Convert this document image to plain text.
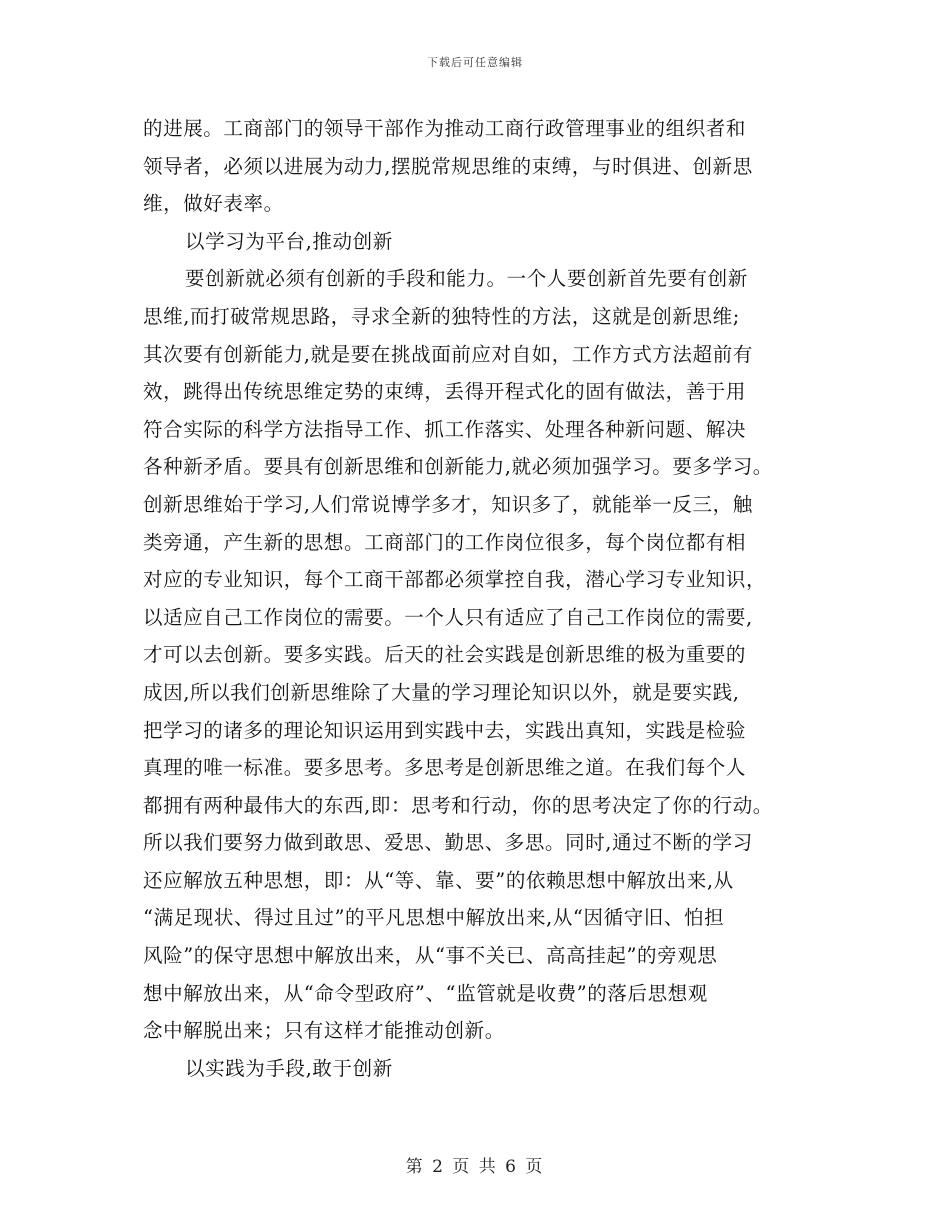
下载后可任意编辑
的进展。工商部门的领导干部作为推动工商行政管理事业的组织者和
领导者，必须以进展为动力,摆脱常规思维的束缚，与时俱进、创新思
维，做好表率。
以学习为平台,推动创新
要创新就必须有创新的手段和能力。一个人要创新首先要有创新
思维,而打破常规思路，寻求全新的独特性的方法，这就是创新思维;
其次要有创新能力,就是要在挑战面前应对自如，工作方式方法超前有
效，跳得出传统思维定势的束缚，丢得开程式化的固有做法，善于用
符合实际的科学方法指导工作、抓工作落实、处理各种新问题、解决
各种新矛盾。要具有创新思维和创新能力,就必须加强学习。要多学习。
创新思维始于学习,人们常说博学多才，知识多了，就能举一反三，触
类旁通，产生新的思想。工商部门的工作岗位很多，每个岗位都有相
对应的专业知识，每个工商干部都必须掌控自我，潜心学习专业知识，
以适应自己工作岗位的需要。一个人只有适应了自己工作岗位的需要,
才可以去创新。要多实践。后天的社会实践是创新思维的极为重要的
成因,所以我们创新思维除了大量的学习理论知识以外，就是要实践,
把学习的诸多的理论知识运用到实践中去，实践出真知，实践是检验
真理的唯一标准。要多思考。多思考是创新思维之道。在我们每个人
都拥有两种最伟大的东西,即：思考和行动，你的思考决定了你的行动。
所以我们要努力做到敢思、爱思、勤思、多思。同时,通过不断的学习
还应解放五种思想，即：从“等、靠、要”的依赖思想中解放出来,从
“满足现状、得过且过”的平凡思想中解放出来,从“因循守旧、怕担
风险”的保守思想中解放出来，从“事不关已、高高挂起”的旁观思
想中解放出来，从“命令型政府”、“监管就是收费”的落后思想观
念中解脱出来；只有这样才能推动创新。
以实践为手段,敢于创新
第 2 页 共 6 页
